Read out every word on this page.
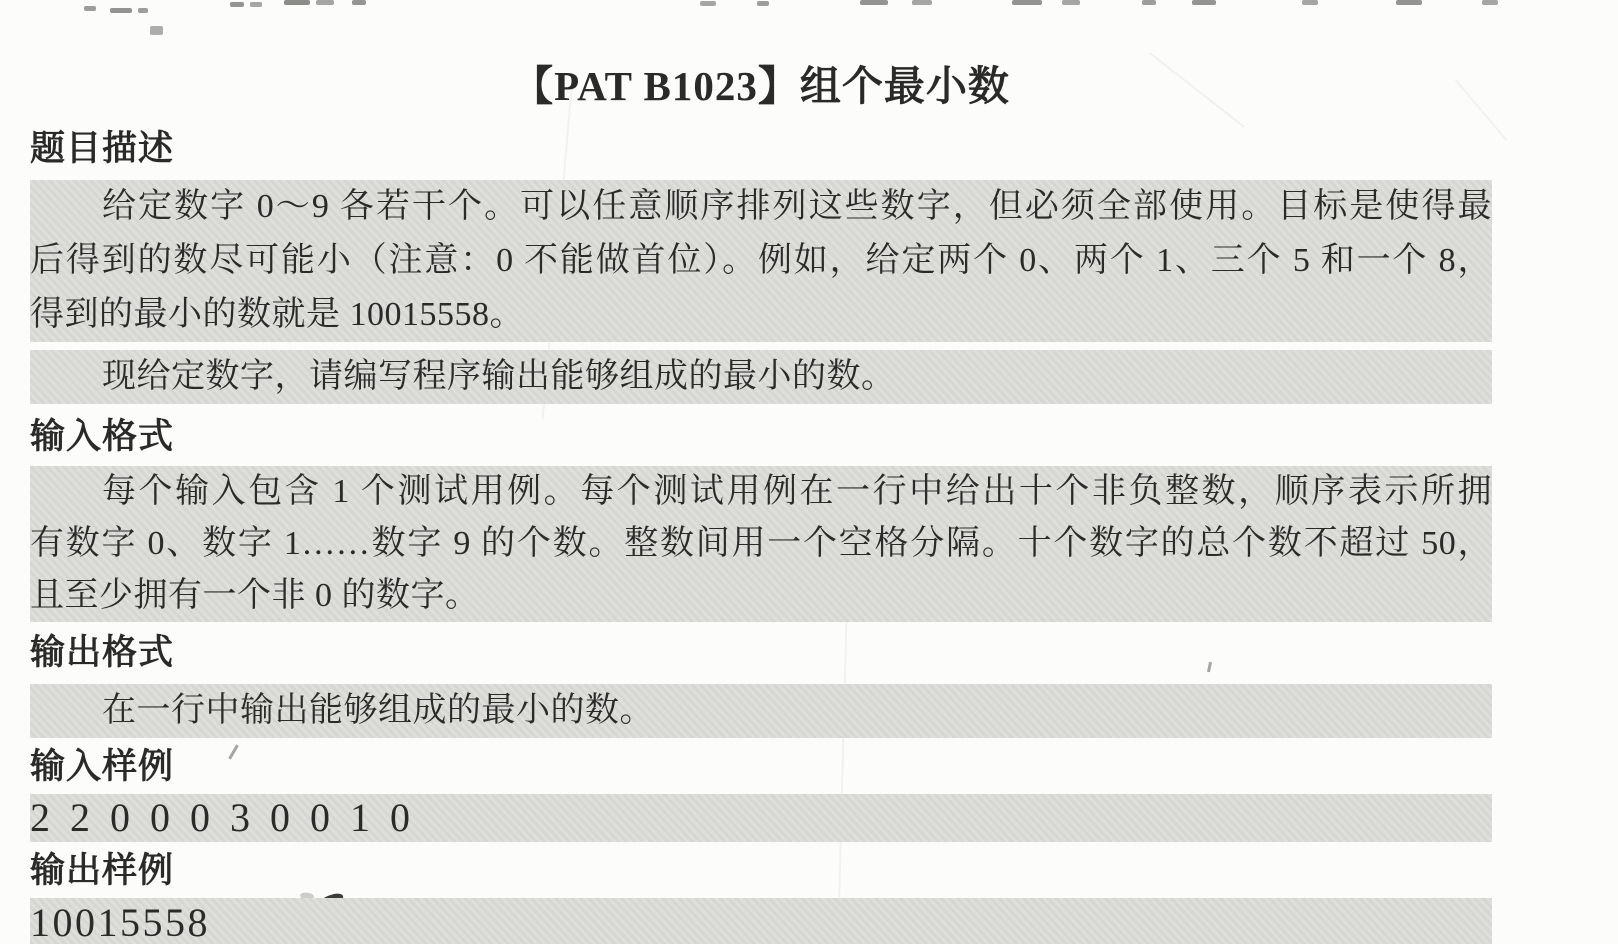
【PAT B1023】组个最小数
题目描述
给定数字 0～9 各若干个。可以任意顺序排列这些数字，但必须全部使用。目标是使得最
后得到的数尽可能小（注意：0 不能做首位）。例如，给定两个 0、两个 1、三个 5 和一个 8，
得到的最小的数就是 10015558。
现给定数字，请编写程序输出能够组成的最小的数。
输入格式
每个输入包含 1 个测试用例。每个测试用例在一行中给出十个非负整数，顺序表示所拥
有数字 0、数字 1……数字 9 的个数。整数间用一个空格分隔。十个数字的总个数不超过 50，
且至少拥有一个非 0 的数字。
输出格式
在一行中输出能够组成的最小的数。
输入样例
2 2 0 0 0 3 0 0 1 0
输出样例
10015558
